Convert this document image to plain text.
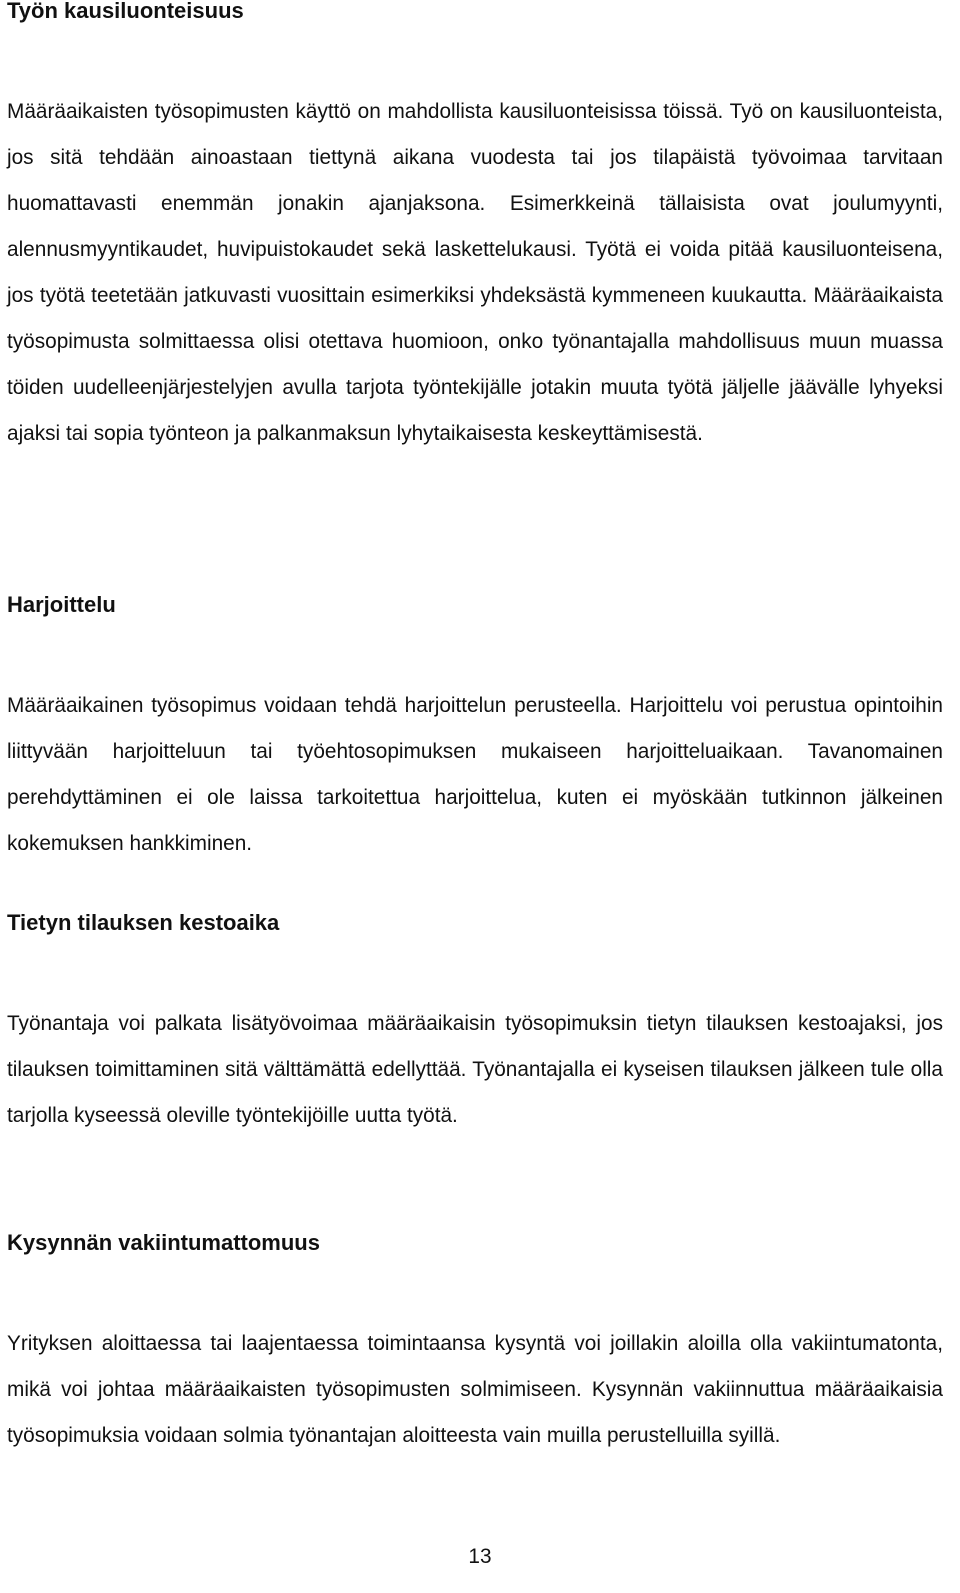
Työn kausiluonteisuus

Määräaikaisten työsopimusten käyttö on mahdollista kausiluonteisissa töissä. Työ on kausiluonteista, jos sitä tehdään ainoastaan tiettynä aikana vuodesta tai jos tilapäistä työvoimaa tarvitaan huomattavasti enemmän jonakin ajanjaksona. Esimerkkeinä tällaisista ovat joulumyynti, alennusmyyntikaudet, huvipuistokaudet sekä laskettelukausi. Työtä ei voida pitää kausiluonteisena, jos työtä teetetään jatkuvasti vuosittain esimerkiksi yhdeksästä kymmeneen kuukautta. Määräaikaista työsopimusta solmittaessa olisi otettava huomioon, onko työnantajalla mahdollisuus muun muassa töiden uudelleenjärjestelyjen avulla tarjota työntekijälle jotakin muuta työtä jäljelle jäävälle lyhyeksi ajaksi tai sopia työnteon ja palkanmaksun lyhytaikaisesta keskeyttämisestä.

Harjoittelu

Määräaikainen työsopimus voidaan tehdä harjoittelun perusteella. Harjoittelu voi perustua opintoihin liittyvään harjoitteluun tai työehtosopimuksen mukaiseen harjoitteluaikaan. Tavanomainen perehdyttäminen ei ole laissa tarkoitettua harjoittelua, kuten ei myöskään tutkinnon jälkeinen kokemuksen hankkiminen.

Tietyn tilauksen kestoaika

Työnantaja voi palkata lisätyövoimaa määräaikaisin työsopimuksin tietyn tilauksen kestoajaksi, jos tilauksen toimittaminen sitä välttämättä edellyttää. Työnantajalla ei kyseisen tilauksen jälkeen tule olla tarjolla kyseessä oleville työntekijöille uutta työtä.

Kysynnän vakiintumattomuus

Yrityksen aloittaessa tai laajentaessa toimintaansa kysyntä voi joillakin aloilla olla vakiintumatonta, mikä voi johtaa määräaikaisten työsopimusten solmimiseen. Kysynnän vakiinnuttua määräaikaisia työsopimuksia voidaan solmia työnantajan aloitteesta vain muilla perustelluilla syillä.

13
